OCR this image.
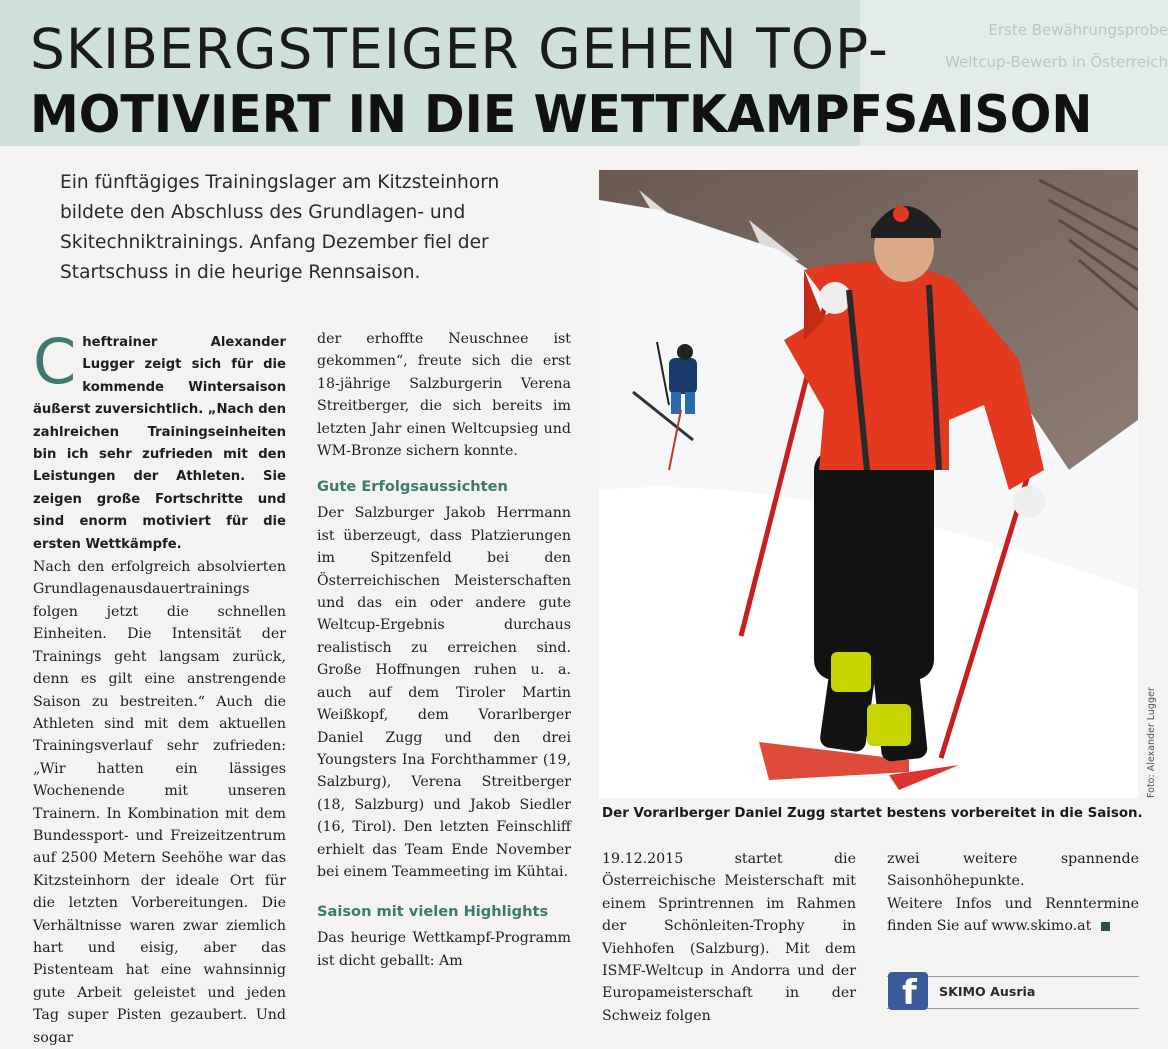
Erste Bewährungsprobe
Weltcup-Bewerb in Österreich
SKIBERGSTEIGER GEHEN TOP-
MOTIVIERT IN DIE WETTKAMPFSAISON
Ein fünftägiges Trainingslager am Kitzsteinhorn bildete den Abschluss des Grundlagen- und Skitechniktrainings. Anfang Dezember fiel der Startschuss in die heurige Rennsaison.
C heftrainer Alexander Lugger zeigt sich für die kommende Wintersaison äußerst zuversichtlich. „Nach den zahlreichen Trainingseinheiten bin ich sehr zufrieden mit den Leistungen der Athleten. Sie zeigen große Fortschritte und sind enorm motiviert für die ersten Wettkämpfe.

Nach den erfolgreich absolvierten Grundlagenausdauertrainings folgen jetzt die schnellen Einheiten. Die Intensität der Trainings geht langsam zurück, denn es gilt eine anstrengende Saison zu bestreiten.“ Auch die Athleten sind mit dem aktuellen Trainingsverlauf sehr zufrieden: „Wir hatten ein lässiges Wochenende mit unseren Trainern. In Kombination mit dem Bundessport- und Freizeitzentrum auf 2500 Metern Seehöhe war das Kitzsteinhorn der ideale Ort für die letzten Vorbereitungen. Die Verhältnisse waren zwar ziemlich hart und eisig, aber das Pistenteam hat eine wahnsinnig gute Arbeit geleistet und jeden Tag super Pisten gezaubert. Und sogar

der erhoffte Neuschnee ist gekommen“, freute sich die erst 18-jährige Salzburgerin Verena Streitberger, die sich bereits im letzten Jahr einen Weltcupsieg und WM-Bronze sichern konnte.

Gute Erfolgsaussichten

Der Salzburger Jakob Herrmann ist überzeugt, dass Platzierungen im Spitzenfeld bei den Österreichischen Meisterschaften und das ein oder andere gute Weltcup-Ergebnis durchaus realistisch zu erreichen sind. Große Hoffnungen ruhen u. a. auch auf dem Tiroler Martin Weißkopf, dem Vorarlberger Daniel Zugg und den drei Youngsters Ina Forchthammer (19, Salzburg), Verena Streitberger (18, Salzburg) und Jakob Siedler (16, Tirol). Den letzten Feinschliff erhielt das Team Ende November bei einem Teammeeting im Kühtai.

Saison mit vielen Highlights

Das heurige Wettkampf-Programm ist dicht geballt: Am

Der Vorarlberger Daniel Zugg startet bestens vorbereitet in die Saison.
Foto: Alexander Lugger

19.12.2015 startet die Österreichische Meisterschaft mit einem Sprintrennen im Rahmen der Schönleiten-Trophy in Viehhofen (Salzburg). Mit dem ISMF-Weltcup in Andorra und der Europameisterschaft in der Schweiz folgen

zwei weitere spannende Saisonhöhepunkte.

Weitere Infos und Renntermine finden Sie auf www.skimo.at

f SKIMO Ausria
